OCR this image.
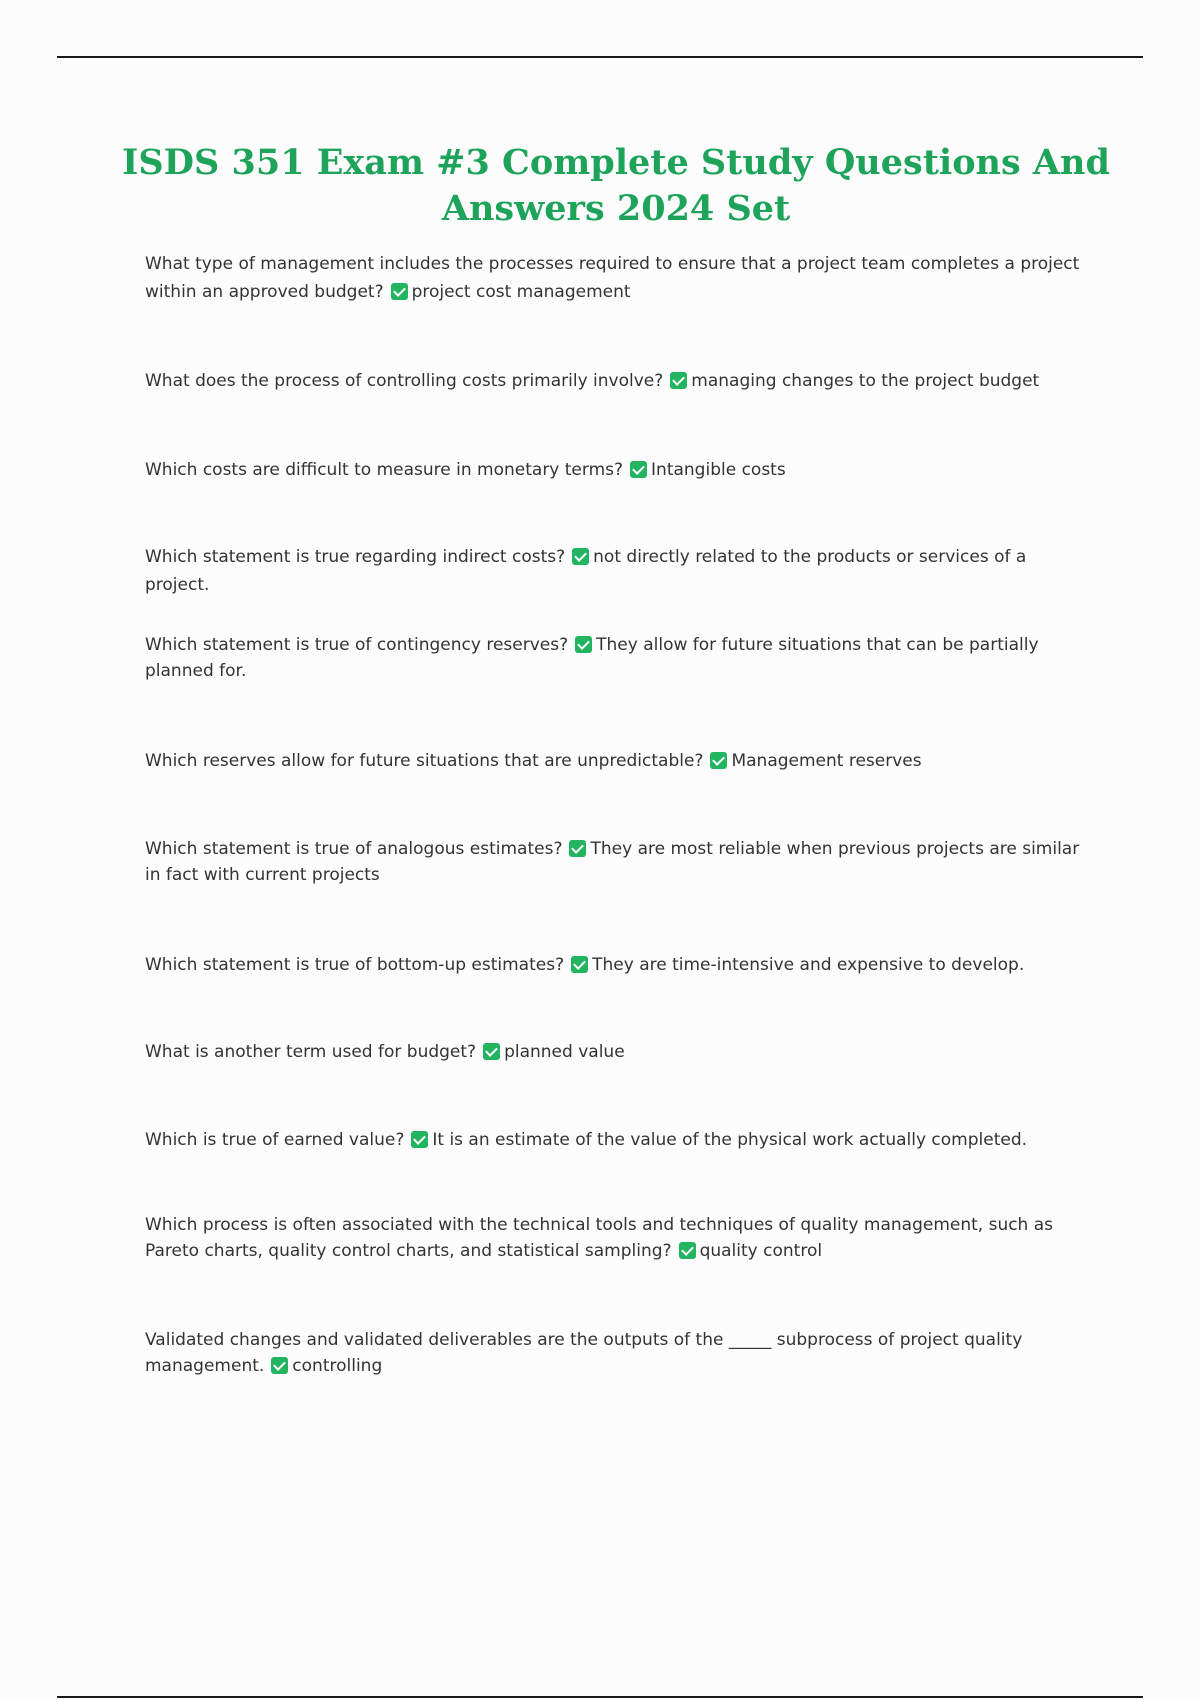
ISDS 351 Exam #3 Complete Study Questions And Answers 2024 Set

What type of management includes the processes required to ensure that a project team completes a project within an approved budget? project cost management

What does the process of controlling costs primarily involve? managing changes to the project budget

Which costs are difficult to measure in monetary terms? Intangible costs

Which statement is true regarding indirect costs? not directly related to the products or services of a project.

Which statement is true of contingency reserves? They allow for future situations that can be partially planned for.

Which reserves allow for future situations that are unpredictable? Management reserves

Which statement is true of analogous estimates? They are most reliable when previous projects are similar in fact with current projects

Which statement is true of bottom-up estimates? They are time-intensive and expensive to develop.

What is another term used for budget? planned value

Which is true of earned value? It is an estimate of the value of the physical work actually completed.

Which process is often associated with the technical tools and techniques of quality management, such as Pareto charts, quality control charts, and statistical sampling? quality control

Validated changes and validated deliverables are the outputs of the _____ subprocess of project quality management. controlling
